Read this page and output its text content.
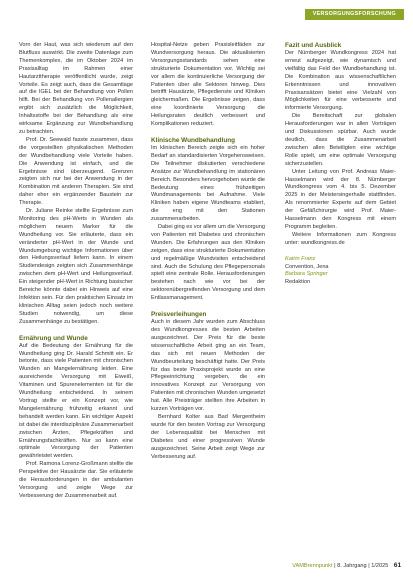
VERSORGUNGSFORSCHUNG

Vorn der Haut, was sich wiederum auf den Blutfluss auswirkt. Die zweite Datenlage zum Themenkomplex, die im Oktober 2024 im Praxisalltag im Rahmen einer Hautarzttherapie veröffentlicht wurde, zeigt Vorteile. Es zeigt auch, dass die Gesamtlage auf die IGEL bei der Behandlung von Pollen hilft. Bei der Behandlung von Pollenallergien ergibt sich zusätzlich die Möglichkeit, Inhaltsstoffe bei der Behandlung als eine wirksame Ergänzung zur Wundbehandlung zu betrachten.

Prof. Dr. Seewald fasste zusammen, dass die vorgestellten physikalischen Methoden der Wundbehandlung viele Vorteile haben. Die Anwendung ist einfach, und die Ergebnisse sind überzeugend. Grenzen zeigten sich nur bei der Anwendung in der Kombination mit anderen Therapien. Sie sind daher eher ein ergänzender Baustein zur Therapie.

Dr. Juliane Reinke stellte Ergebnisse zum Monitoring des pH-Werts in Wunden als möglichem neuem Marker für die Wundheilung vor. Sie erläuterte, dass ein veränderter pH-Wert in der Wunde und Wundumgebung wichtige Informationen über den Heilungsverlauf liefern kann. In einem Studiendesign zeigten sich Zusammenhänge zwischen dem pH-Wert und Heilungsverlauf. Ein steigender pH-Wert in Richtung basischer Bereiche könnte dabei ein Hinweis auf eine Infektion sein. Für den praktischen Einsatz im klinischen Alltag seien jedoch noch weitere Studien notwendig, um diese Zusammenhänge zu bestätigen.

Ernährung und Wunde

Auf die Bedeutung der Ernährung für die Wundheilung ging Dr. Harald Schmitt ein. Er betonte, dass viele Patienten mit chronischen Wunden an Mangelernährung leiden. Eine ausreichende Versorgung mit Eiweiß, Vitaminen und Spurenelementen ist für die Wundheilung entscheidend. In seinem Vortrag stellte er ein Konzept vor, wie Mangelernährung frühzeitig erkannt und behandelt werden kann. Ein wichtiger Aspekt ist dabei die interdisziplinäre Zusammenarbeit zwischen Ärzten, Pflegekräften und Ernährungsfachkräften. Nur so kann eine optimale Versorgung der Patienten gewährleistet werden.

Prof. Ramona Lorenz-Großmann stellte die Perspektive der Hausärzte dar. Sie erläuterte die Herausforderungen in der ambulanten Versorgung und zeigte Wege zur Verbesserung der Zusammenarbeit auf.

Hospital-Netze geben Praxisleitfäden zur Wundversorgung heraus. Die aktualisierten Versorgungsstandards sehen eine strukturierte Dokumentation vor. Wichtig sei vor allem die kontinuierliche Versorgung der Patienten über alle Sektoren hinweg. Dies betrifft Hausärzte, Pflegedienste und Kliniken gleichermaßen. Die Ergebnisse zeigen, dass eine koordinierte Versorgung die Heilungsraten deutlich verbessert und Komplikationen reduziert.

Klinische Wundbehandlung

Im klinischen Bereich zeigte sich ein hoher Bedarf an standardisierten Vorgehensweisen. Die Teilnehmer diskutierten verschiedene Ansätze zur Wundbehandlung im stationären Bereich. Besonders hervorgehoben wurde die Bedeutung eines frühzeitigen Wundmanagements bei Aufnahme. Viele Kliniken haben eigene Wundteams etabliert, die eng mit den Stationen zusammenarbeiten.

Dabei ging es vor allem um die Versorgung von Patienten mit Diabetes und chronischen Wunden. Die Erfahrungen aus den Kliniken zeigen, dass eine strukturierte Dokumentation und regelmäßige Wundvisiten entscheidend sind. Auch die Schulung des Pflegepersonals spielt eine zentrale Rolle. Heraus​forderungen bestehen nach wie vor bei der sektorenübergreifenden Versorgung und dem Entlassmanagement.

Preisverleihungen

Auch in diesem Jahr wurden zum Abschluss des Wundkongresses die besten Arbeiten ausgezeichnet. Der Preis für die beste wissenschaftliche Arbeit ging an ein Team, das sich mit neuen Methoden der Wundbeurteilung beschäftigt hatte. Der Preis für das beste Praxisprojekt wurde an eine Pflegeeinrichtung vergeben, die ein innovatives Konzept zur Versorgung von Patienten mit chronischen Wunden umgesetzt hat. Alle Preisträger stellten ihre Arbeiten in kurzen Vorträgen vor.

Bernhard Kolter aus Bad Mergentheim wurde für den besten Vortrag zur Versorgung der Lebensqualität bei Menschen mit Diabetes und einer progressiven Wunde ausgezeichnet. Seine Arbeit zeigt Wege zur Verbesserung auf.

Fazit und Ausblick

Der Nürnberger Wundkongress 2024 hat erneut aufgezeigt, wie dynamisch und vielfältig das Feld der Wundbehandlung ist. Die Kombination aus wissenschaftlichen Erkenntnissen und innovativen Praxisansätzen bietet eine Vielzahl von Möglichkeiten für eine verbesserte und informierte Versorgung.

Die Bereitschaft zur globalen Herausforderungen war in allen Vorträgen und Diskussionen spürbar. Auch wurde deutlich, dass die Zusammenarbeit zwischen allen Beteiligten eine wichtige Rolle spielt, um eine optimale Versorgung sicherzustellen.

Unter Leitung von Prof. Andreas Maier-Hasselmann wird der 8. Nürnberger Wundkongress vom 4. bis 5. Dezember 2025 in der Meistersingerhalle stattfinden. Als renommierter Experte auf dem Gebiet der Gefäßchirurgie wird Prof. Maier-Hasselmann den Kongress mit einem Programm begleiten.

Weitere Informationen zum Kongress unter: wundkongress.de

Katrin Franz

Convention, Jena

Barbara Springer

Redaktion

VAMBrennpunkt | 8. Jahrgang | 1/2025 61
